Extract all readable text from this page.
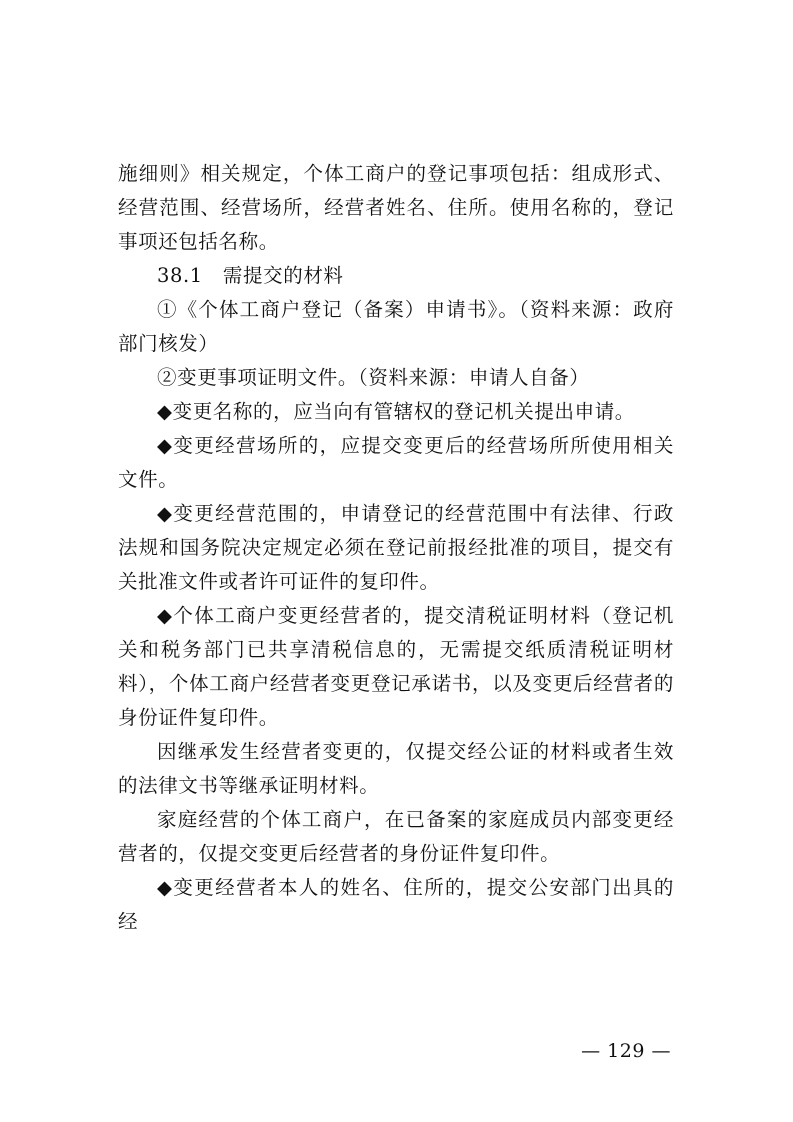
施细则》相关规定，个体工商户的登记事项包括：组成形式、经营范围、经营场所，经营者姓名、住所。使用名称的，登记事项还包括名称。

38.1　需提交的材料

①《个体工商户登记（备案）申请书》。（资料来源：政府部门核发）

②变更事项证明文件。（资料来源：申请人自备）

◆变更名称的，应当向有管辖权的登记机关提出申请。

◆变更经营场所的，应提交变更后的经营场所所使用相关文件。

◆变更经营范围的，申请登记的经营范围中有法律、行政法规和国务院决定规定必须在登记前报经批准的项目，提交有关批准文件或者许可证件的复印件。

◆个体工商户变更经营者的，提交清税证明材料（登记机关和税务部门已共享清税信息的，无需提交纸质清税证明材料），个体工商户经营者变更登记承诺书，以及变更后经营者的身份证件复印件。

因继承发生经营者变更的，仅提交经公证的材料或者生效的法律文书等继承证明材料。

家庭经营的个体工商户，在已备案的家庭成员内部变更经营者的，仅提交变更后经营者的身份证件复印件。

◆变更经营者本人的姓名、住所的，提交公安部门出具的经

— 129 —
